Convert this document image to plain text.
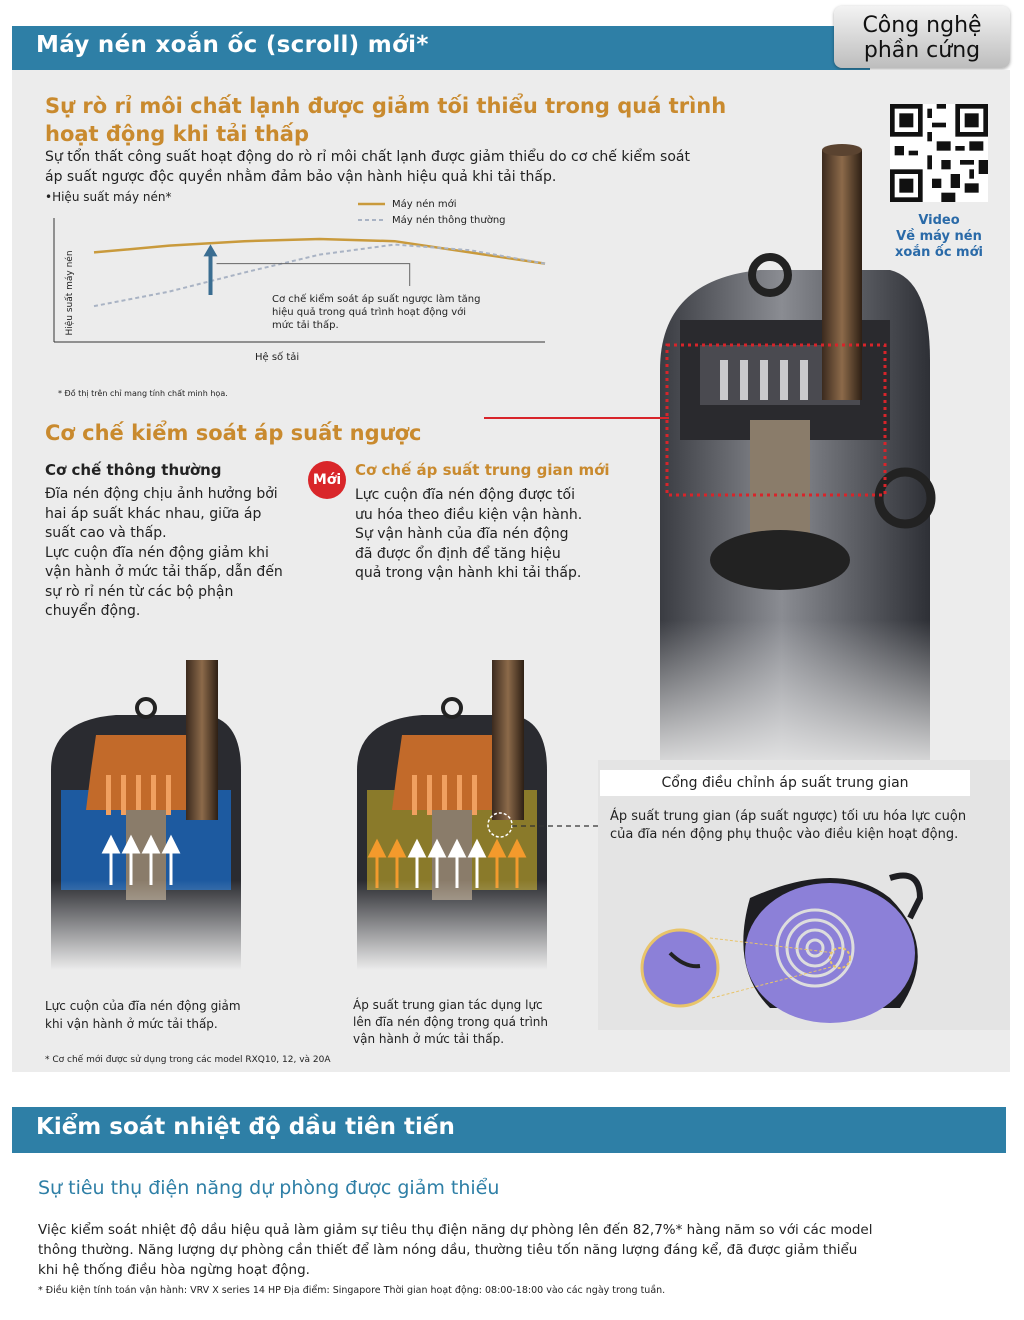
Máy nén xoắn ốc (scroll) mới*
Công nghệ
phần cứng
Video
Về máy nén
xoắn ốc mới
Sự rò rỉ môi chất lạnh được giảm tối thiểu trong quá trình
hoạt động khi tải thấp
Sự tổn thất công suất hoạt động do rò rỉ môi chất lạnh được giảm thiểu do cơ chế kiểm soát
áp suất ngược độc quyền nhằm đảm bảo vận hành hiệu quả khi tải thấp.
•Hiệu suất máy nén*
Máy nén mới
Máy nén thông thường
Cơ chế kiểm soát áp suất ngược làm tăng
hiệu quả trong quá trình hoạt động với
mức tải thấp.
Hệ số tải
* Đồ thị trên chỉ mang tính chất minh họa.
Hiệu suất máy nén
Cơ chế kiểm soát áp suất ngược
Cơ chế thông thường
Đĩa nén động chịu ảnh hưởng bởi
hai áp suất khác nhau, giữa áp
suất cao và thấp.
Lực cuộn đĩa nén động giảm khi
vận hành ở mức tải thấp, dẫn đến
sự rò rỉ nén từ các bộ phận
chuyển động.
Mới
Cơ chế áp suất trung gian mới
Lực cuộn đĩa nén động được tối
ưu hóa theo điều kiện vận hành.
Sự vận hành của đĩa nén động
đã được ổn định để tăng hiệu
quả trong vận hành khi tải thấp.
Lực cuộn của đĩa nén động giảm
khi vận hành ở mức tải thấp.
Áp suất trung gian tác dụng lực
lên đĩa nén động trong quá trình
vận hành ở mức tải thấp.
Cổng điều chỉnh áp suất trung gian
Áp suất trung gian (áp suất ngược) tối ưu hóa lực cuộn
của đĩa nén động phụ thuộc vào điều kiện hoạt động.
* Cơ chế mới được sử dụng trong các model RXQ10, 12, và 20A
Kiểm soát nhiệt độ dầu tiên tiến
Sự tiêu thụ điện năng dự phòng được giảm thiểu
Việc kiểm soát nhiệt độ dầu hiệu quả làm giảm sự tiêu thụ điện năng dự phòng lên đến 82,7%* hàng năm so với các model
thông thường. Năng lượng dự phòng cần thiết để làm nóng dầu, thường tiêu tốn năng lượng đáng kể, đã được giảm thiểu
khi hệ thống điều hòa ngừng hoạt động.
* Điều kiện tính toán vận hành: VRV X series 14 HP Địa điểm: Singapore Thời gian hoạt động: 08:00-18:00 vào các ngày trong tuần.
